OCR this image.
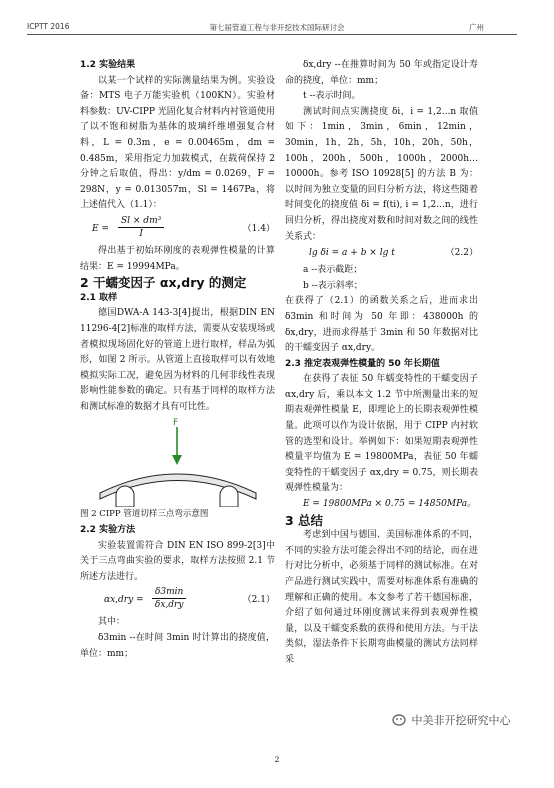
ICPTT 2016	第七届管道工程与非开挖技术国际研讨会	广州

1.2 实验结果

以某一个试样的实际测量结果为例。实验设备：MTS 电子万能实验机（100KN）。实验材料参数：UV-CIPP 光固化复合材料内衬管道使用了以不饱和树脂为基体的玻璃纤维增强复合材料，L = 0.3m，e = 0.00465m，dm = 0.485m，采用指定力加载模式，在载荷保持 2 分钟之后取值，得出：y/dm = 0.0269，F = 298N，y = 0.013057m，Sl = 1467Pa，将上述值代入（1.1）：

$E = \frac{\text{Sl × dm³}}{I}$	（1.4）

得出基于初始环刚度的表观弹性模量的计算结果：E = 19994MPa。

2 干蠕变因子 αx,dry 的测定

2.1 取样

德国DWA-A 143-3[4]提出，根据DIN EN 11296-4[2]标准的取样方法，需要从安装现场或者模拟现场固化好的管道上进行取样，样品为弧形，如图 2 所示。从管道上直接取样可以有效地模拟实际工况，避免因为材料的几何非线性表现影响性能参数的确定。只有基于同样的取样方法和测试标准的数据才具有可比性。

F

图 2 CIPP 管道切样三点弯示意图

2.2 实验方法

实验装置需符合 DIN EN ISO 899-2[3]中关于三点弯曲实验的要求，取样方法按照 2.1 节所述方法进行。

αx,dry =
δ3min
δx,dry	（2.1）

其中：

δ3min --在时间 3min 时计算出的挠度值，单位：mm；

δx,dry --在推算时间为 50 年或指定设计寿命的挠度，单位：mm；

t --表示时间。

测试时间点实测挠度 δi，i = 1,2...n 取值如下：1min，3min，6min，12min，30min，1h，2h，5h，10h，20h，50h，100h，200h，500h，1000h，2000h…10000h。参考 ISO 10928[5] 的方法 B 为：以时间为独立变量的回归分析方法，将这些随着时间变化的挠度值 δi = f(ti), i = 1,2...n，进行回归分析，得出挠度对数和时间对数之间的线性关系式：

lg δi = a + b × lg t	（2.2）

a --表示截距；

b --表示斜率；

在获得了（2.1）的函数关系之后，进而求出 δ3min 和时间为 50 年即：438000h 的 δx,dry，进而求得基于 3min 和 50 年数据对比的干蠕变因子 αx,dry。

2.3 推定表观弹性模量的 50 年长期值

在获得了表征 50 年蠕变特性的干蠕变因子 αx,dry 后，乘以本文 1.2 节中所测量出来的短期表观弹性模量 E，即理论上的长期表观弹性模量。此项可以作为设计依据，用于 CIPP 内衬软管的选型和设计。举例如下：如果短期表观弹性模量平均值为 E = 19800MPa，表征 50 年蠕变特性的干蠕变因子 αx,dry = 0.75，则长期表观弹性模量为：

E = 19800MPa × 0.75 = 14850MPa。

3 总结

考虑到中国与德国、美国标准体系的不同，不同的实验方法可能会得出不同的结论，而在进行对比分析中，必须基于同样的测试标准。在对产品进行测试实践中，需要对标准体系有准确的理解和正确的使用。本文参考了若干德国标准，介绍了如何通过环刚度测试来得到表观弹性模量，以及干蠕变系数的获得和使用方法。与干法类似，湿法条件下长期弯曲模量的测试方法同样采

中美非开挖研究中心
2
